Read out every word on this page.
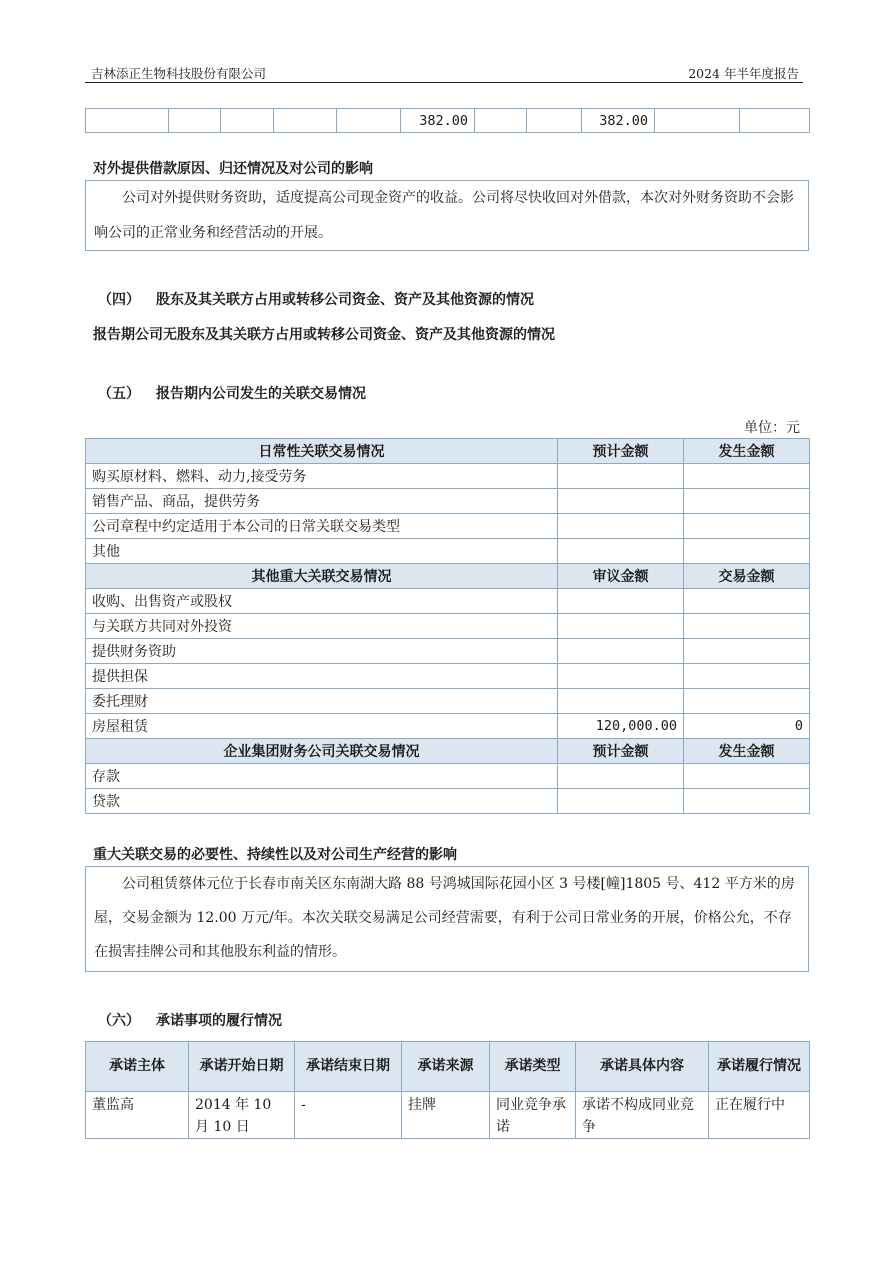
吉林添正生物科技股份有限公司	2024 年半年度报告
					382.00			382.00		
对外提供借款原因、归还情况及对公司的影响
公司对外提供财务资助，适度提高公司现金资产的收益。公司将尽快收回对外借款，本次对外财务资助不会影响公司的正常业务和经营活动的开展。
（四） 股东及其关联方占用或转移公司资金、资产及其他资源的情况
报告期公司无股东及其关联方占用或转移公司资金、资产及其他资源的情况
（五） 报告期内公司发生的关联交易情况
单位：元
日常性关联交易情况	预计金额	发生金额
购买原材料、燃料、动力,接受劳务		
销售产品、商品，提供劳务		
公司章程中约定适用于本公司的日常关联交易类型		
其他		
其他重大关联交易情况	审议金额	交易金额
收购、出售资产或股权		
与关联方共同对外投资		
提供财务资助		
提供担保		
委托理财		
房屋租赁	120,000.00	0
企业集团财务公司关联交易情况	预计金额	发生金额
存款		
贷款		
重大关联交易的必要性、持续性以及对公司生产经营的影响
公司租赁蔡体元位于长春市南关区东南湖大路 88 号鸿城国际花园小区 3 号楼[幢]1805 号、412 平方米的房屋，交易金额为 12.00 万元/年。本次关联交易满足公司经营需要，有利于公司日常业务的开展，价格公允，不存在损害挂牌公司和其他股东利益的情形。
（六） 承诺事项的履行情况
承诺主体	承诺开始日期	承诺结束日期	承诺来源	承诺类型	承诺具体内容	承诺履行情况
董监高	2014 年 10 月 10 日	-	挂牌	同业竞争承诺	承诺不构成同业竞争	正在履行中
